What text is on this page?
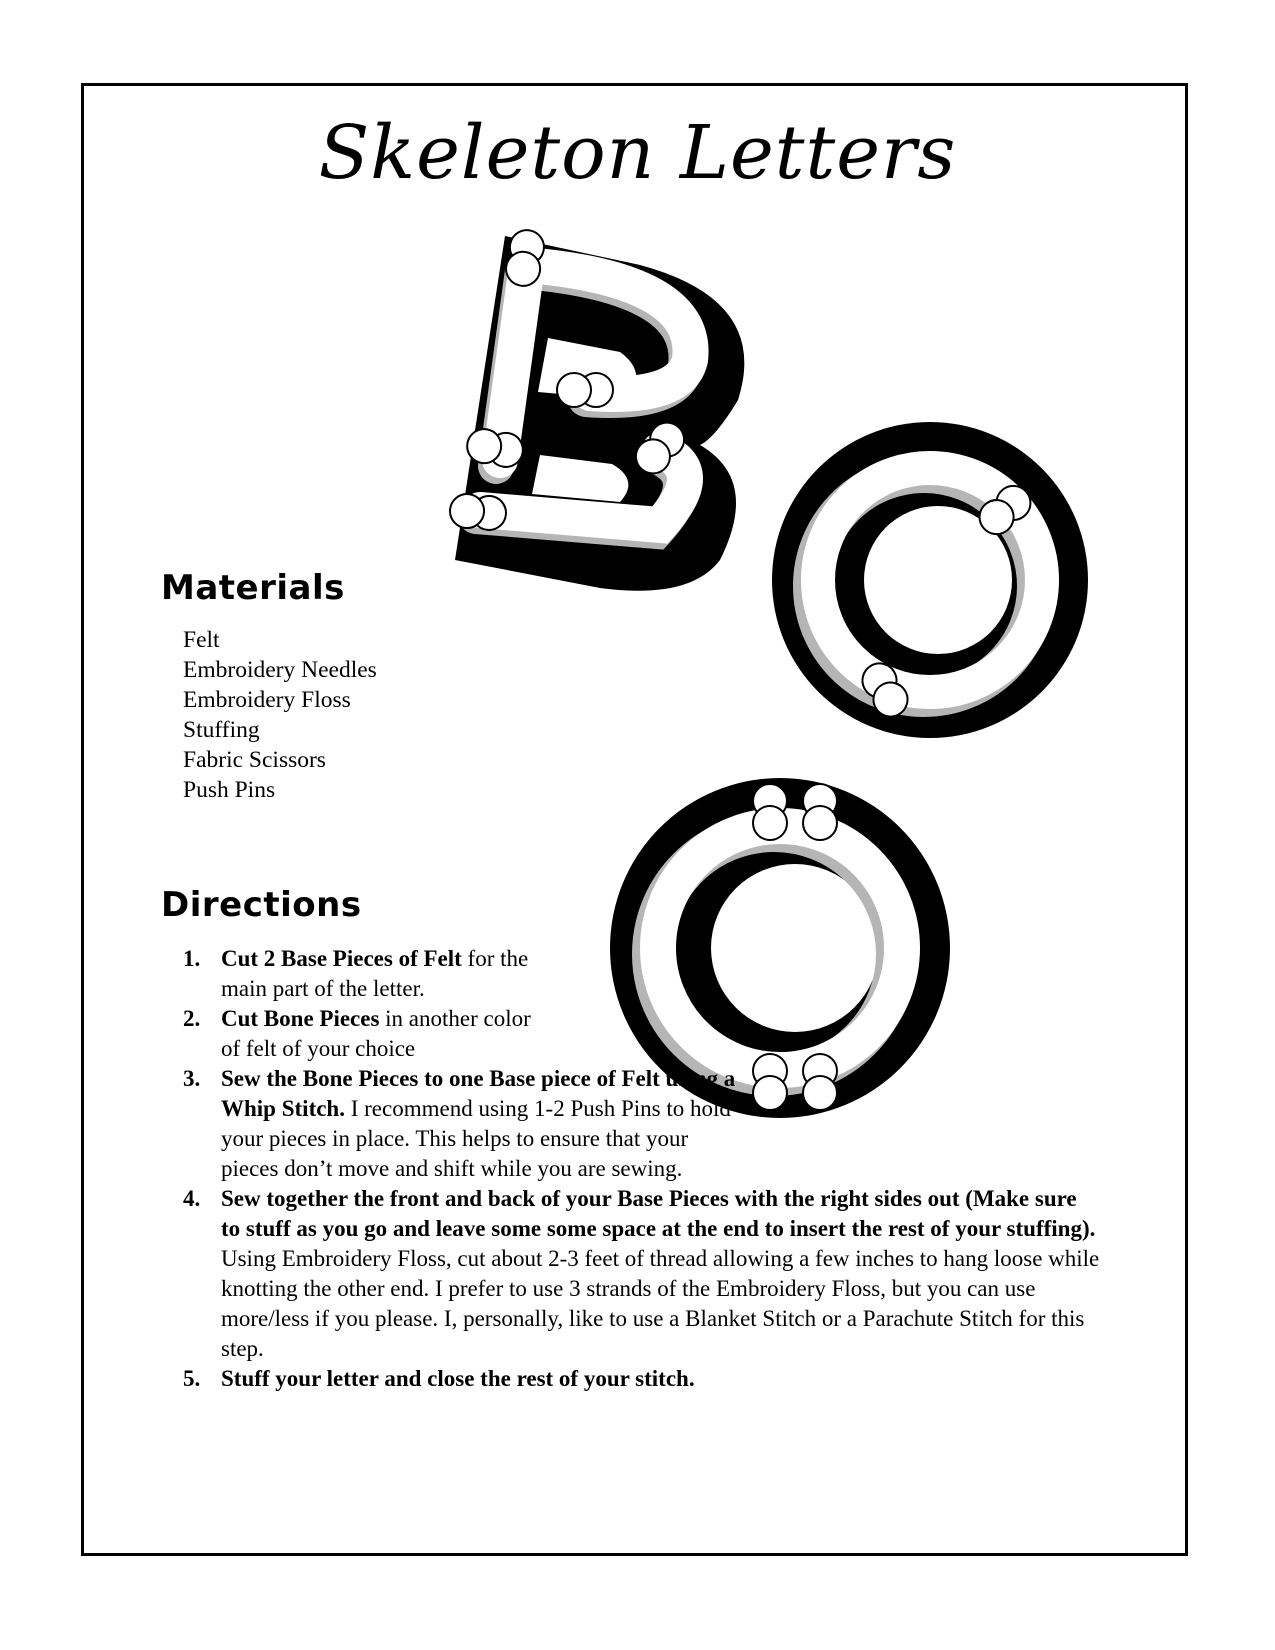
Skeleton Letters
Materials
Felt
Embroidery Needles
Embroidery Floss
Stuffing
Fabric Scissors
Push Pins
Directions
1. Cut 2 Base Pieces of Felt for the main part of the letter.
2. Cut Bone Pieces in another color of felt of your choice
3. Sew the Bone Pieces to one Base piece of Felt using a Whip Stitch. I recommend using 1-2 Push Pins to hold your pieces in place. This helps to ensure that your pieces don’t move and shift while you are sewing.
4. Sew together the front and back of your Base Pieces with the right sides out (Make sure to stuff as you go and leave some some space at the end to insert the rest of your stuffing). Using Embroidery Floss, cut about 2-3 feet of thread allowing a few inches to hang loose while knotting the other end. I prefer to use 3 strands of the Embroidery Floss, but you can use more/less if you please. I, personally, like to use a Blanket Stitch or a Parachute Stitch for this step.
5. Stuff your letter and close the rest of your stitch.
